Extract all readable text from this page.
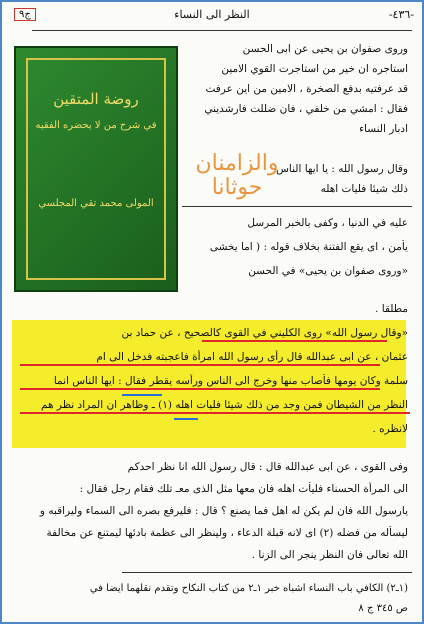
-٤٣٦-
النظر الى النساء
ج٩
وروى صفوان بن يحيى عن ابى الحسن
استاجره ان خير من استاجرت القوي الامين
قد عرفتيه بدفع الصخرة ، الامين من اين عرفت
فقال : امشي من خلفي ، فان ضللت فارشديني
ادبار النساء
وقال رسول الله : يا ايها الناس
ذلك شيئا فليات اهله
عليه في الدنيا ، وكفى بالخبر المرسل
يأمن ، اى يقع الفتنة بخلاف قوله : ( اما يخشى
«وروى صفوان بن يحيى» في الحسن
مطلقا .
روضة المتقين
في شرح من لا يحضره الفقيه
المولى محمد تقي المجلسي
والزامنان
حوثانا
«وقال رسول الله» روى الكليني في القوى كالصحيح ، عن حماد بن
عثمان ، عن ابى عبدالله قال رأى رسول الله امرأة فاعجبته فدخل الى ام
سلمة وكان يومها فأصاب منها وخرج الى الناس ورأسه يقطر فقال : ايها الناس انما
النظر من الشيطان فمن وجد من ذلك شيئا فليات اهله (١) ـ وظاهر ان المراد نظر هم
لانظره .
وفى القوى ، عن ابى عبدالله قال : قال رسول الله انا نظر احدكم
الى المرأة الحسناء فليأت اهله فان معها مثل الذى معـ تلك فقام رجل فقال :
يارسول الله فان لم يكن له اهل فما يصنع ؟ قال : فليرفع بصره الى السماء وليراقبه و
ليسأله من فضله (٢) اى لانه قبلة الدعاء ، ولينظر الى عظمة بادئها ليمتنع عن مخالفة
الله تعالى فان النظر ينجر الى الزنا .
(١ـ٢) الكافي باب النساء اشباه خبر ١ـ٢ من كتاب النكاح وتقدم نقلهما ايضا في
ص ٣٤٥ ج ٨
